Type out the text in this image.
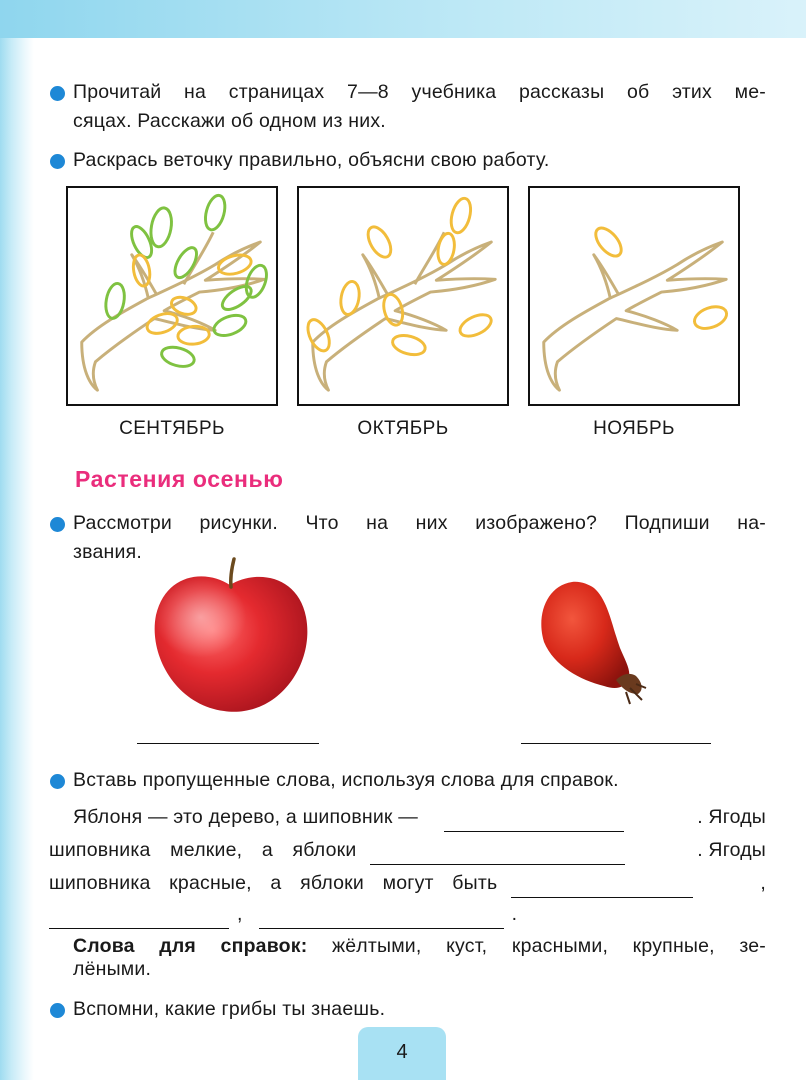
Прочитай на страницах 7—8 учебника рассказы об этих ме-
сяцах. Расскажи об одном из них.
Раскрась веточку правильно, объясни свою работу.
СЕНТЯБРЬ	ОКТЯБРЬ	НОЯБРЬ
Растения осенью
Рассмотри рисунки. Что на них изображено? Подпиши на-
звания.
Вставь пропущенные слова, используя слова для справок.
Яблоня — это дерево, а шиповник —	. Ягоды
шиповника мелкие, а яблоки	. Ягоды
шиповника красные, а яблоки могут быть	,
,	.
Слова для справок: жёлтыми, куст, красными, крупные, зе-
лёными.
Вспомни, какие грибы ты знаешь.
4
